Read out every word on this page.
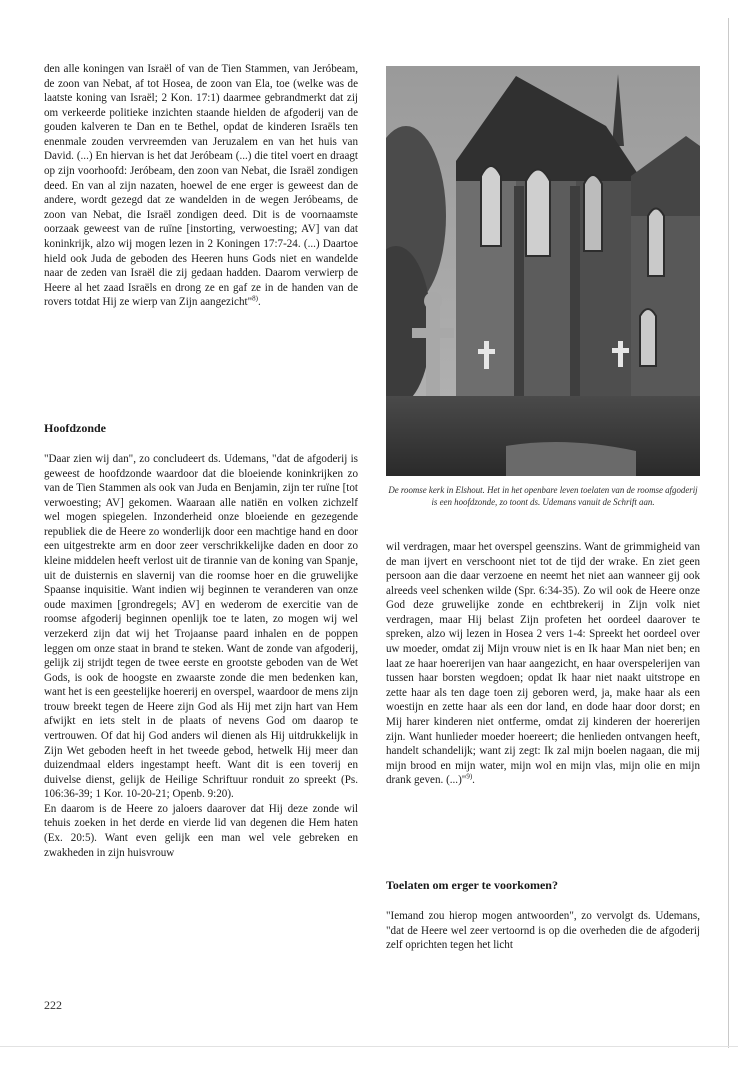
den alle koningen van Israël of van de Tien Stammen, van Jeróbeam, de zoon van Nebat, af tot Hosea, de zoon van Ela, toe (welke was de laatste koning van Israël; 2 Kon. 17:1) daarmee gebrandmerkt dat zij om verkeerde politieke inzichten staande hielden de afgoderij van de gouden kalveren te Dan en te Bethel, opdat de kinderen Israëls ten enenmale zouden vervreemden van Jeruzalem en van het huis van David. (...) En hiervan is het dat Jeróbeam (...) die titel voert en draagt op zijn voorhoofd: Jeróbeam, den zoon van Nebat, die Israël zondigen deed. En van al zijn nazaten, hoewel de ene erger is geweest dan de andere, wordt gezegd dat ze wandelden in de wegen Jeróbeams, de zoon van Nebat, die Israël zondigen deed. Dit is de voornaamste oorzaak geweest van de ruïne [instorting, verwoesting; AV] van dat koninkrijk, alzo wij mogen lezen in 2 Koningen 17:7-24. (...) Daartoe hield ook Juda de geboden des Heeren huns Gods niet en wandelde naar de zeden van Israël die zij gedaan hadden. Daarom verwierp de Heere al het zaad Israëls en drong ze en gaf ze in de handen van de rovers totdat Hij ze wierp van Zijn aangezicht"$^{8)}$.

Hoofdzonde

"Daar zien wij dan", zo concludeert ds. Udemans, "dat de afgoderij is geweest de hoofdzonde waardoor dat die bloeiende koninkrijken zo van de Tien Stammen als ook van Juda en Benjamin, zijn ter ruïne [tot verwoesting; AV] gekomen. Waaraan alle natiën en volken zichzelf wel mogen spiegelen. Inzonderheid onze bloeiende en gezegende republiek die de Heere zo wonderlijk door een machtige hand en door een uitgestrekte arm en door zeer verschrikkelijke daden en door zo kleine middelen heeft verlost uit de tirannie van de koning van Spanje, uit de duisternis en slavernij van die roomse hoer en die gruwelijke Spaanse inquisitie. Want indien wij beginnen te veranderen van onze oude maximen [grondregels; AV] en wederom de exercitie van de roomse afgoderij beginnen openlijk toe te laten, zo mogen wij wel verzekerd zijn dat wij het Trojaanse paard inhalen en de poppen leggen om onze staat in brand te steken. Want de zonde van afgoderij, gelijk zij strijdt tegen de twee eerste en grootste geboden van de Wet Gods, is ook de hoogste en zwaarste zonde die men bedenken kan, want het is een geestelijke hoererij en overspel, waardoor de mens zijn trouw breekt tegen de Heere zijn God als Hij met zijn hart van Hem afwijkt en iets stelt in de plaats of nevens God om daarop te vertrouwen. Of dat hij God anders wil dienen als Hij uitdrukkelijk in Zijn Wet geboden heeft in het tweede gebod, hetwelk Hij meer dan duizendmaal elders ingestampt heeft. Want dit is een toverij en duivelse dienst, gelijk de Heilige Schriftuur ronduit zo spreekt (Ps. 106:36-39; 1 Kor. 10-20-21; Openb. 9:20).

En daarom is de Heere zo jaloers daarover dat Hij deze zonde wil tehuis zoeken in het derde en vierde lid van degenen die Hem haten (Ex. 20:5). Want even gelijk een man wel vele gebreken en zwakheden in zijn huisvrouw

De roomse kerk in Elshout. Het in het openbare leven toelaten van de roomse afgoderij is een hoofdzonde, zo toont ds. Udemans vanuit de Schrift aan.

wil verdragen, maar het overspel geenszins. Want de grimmigheid van de man ijvert en verschoont niet tot de tijd der wrake. En ziet geen persoon aan die daar verzoene en neemt het niet aan wanneer gij ook alreeds veel schenken wilde (Spr. 6:34-35). Zo wil ook de Heere onze God deze gruwelijke zonde en echtbrekerij in Zijn volk niet verdragen, maar Hij belast Zijn profeten het oordeel daarover te spreken, alzo wij lezen in Hosea 2 vers 1-4: Spreekt het oordeel over uw moeder, omdat zij Mijn vrouw niet is en Ik haar Man niet ben; en laat ze haar hoererijen van haar aangezicht, en haar overspelerijen van tussen haar borsten wegdoen; opdat Ik haar niet naakt uitstrope en zette haar als ten dage toen zij geboren werd, ja, make haar als een woestijn en zette haar als een dor land, en dode haar door dorst; en Mij harer kinderen niet ontferme, omdat zij kinderen der hoererijen zijn. Want hunlieder moeder hoereert; die henlieden ontvangen heeft, handelt schandelijk; want zij zegt: Ik zal mijn boelen nagaan, die mij mijn brood en mijn water, mijn wol en mijn vlas, mijn olie en mijn drank geven. (...)"$^{9)}$.

Toelaten om erger te voorkomen?

"Iemand zou hierop mogen antwoorden", zo vervolgt ds. Udemans, "dat de Heere wel zeer vertoornd is op die overheden die de afgoderij zelf oprichten tegen het licht

222
